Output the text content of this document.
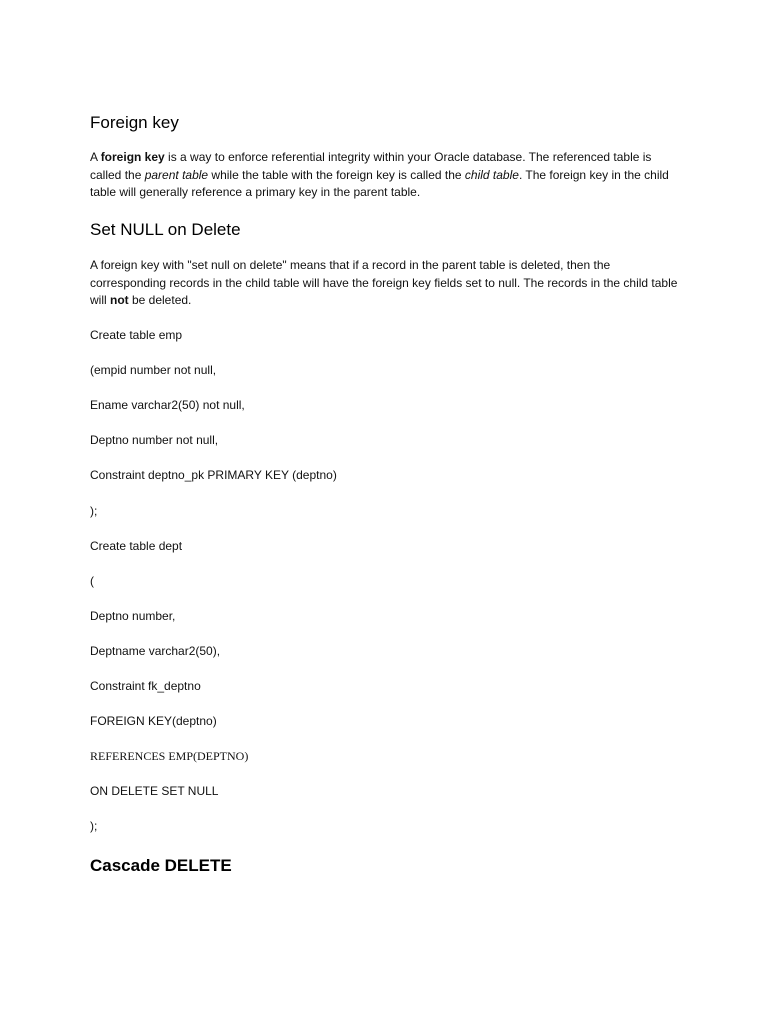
Foreign key

A foreign key is a way to enforce referential integrity within your Oracle database. The referenced table is called the parent table while the table with the foreign key is called the child table. The foreign key in the child table will generally reference a primary key in the parent table.

Set NULL on Delete

A foreign key with "set null on delete" means that if a record in the parent table is deleted, then the corresponding records in the child table will have the foreign key fields set to null. The records in the child table will not be deleted.

Create table emp

(empid number not null,

Ename varchar2(50) not null,

Deptno number not null,

Constraint deptno_pk PRIMARY KEY (deptno)

);

Create table dept

(

Deptno number,

Deptname varchar2(50),

Constraint fk_deptno

FOREIGN KEY(deptno)

REFERENCES EMP(DEPTNO)

ON DELETE SET NULL

);

Cascade DELETE
